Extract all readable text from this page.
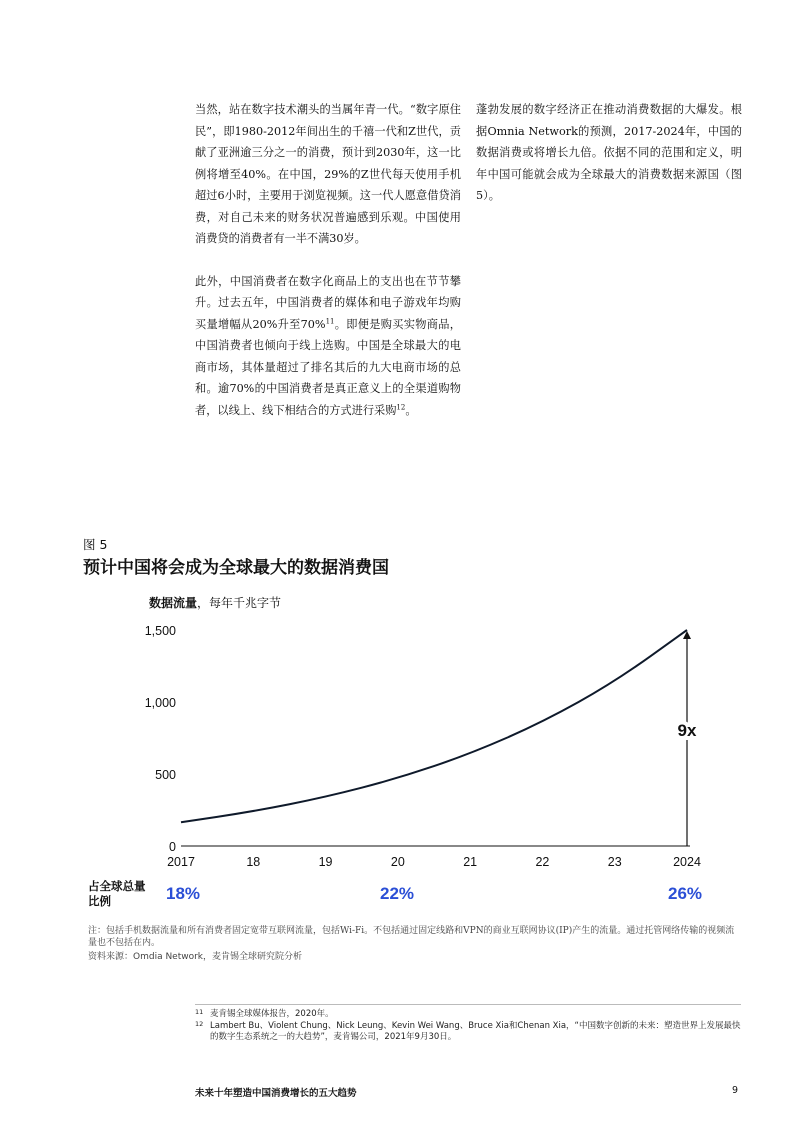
当然，站在数字技术潮头的当属年青一代。“数字原住民”，即1980-2012年间出生的千禧一代和Z世代，贡献了亚洲逾三分之一的消费，预计到2030年，这一比例将增至40%。在中国，29%的Z世代每天使用手机超过6小时，主要用于浏览视频。这一代人愿意借贷消费，对自己未来的财务状况普遍感到乐观。中国使用消费贷的消费者有一半不满30岁。

此外，中国消费者在数字化商品上的支出也在节节攀升。过去五年，中国消费者的媒体和电子游戏年均购买量增幅从20%升至70%$^{11}$。即便是购买实物商品，中国消费者也倾向于线上选购。中国是全球最大的电商市场，其体量超过了排名其后的九大电商市场的总和。逾70%的中国消费者是真正意义上的全渠道购物者，以线上、线下相结合的方式进行采购$^{12}$。

蓬勃发展的数字经济正在推动消费数据的大爆发。根据Omnia Network的预测，2017-2024年，中国的数据消费或将增长九倍。依据不同的范围和定义，明年中国可能就会成为全球最大的消费数据来源国（图5）。

图 5
预计中国将会成为全球最大的数据消费国
数据流量，每年千兆字节
0
500
1,000
1,500
2017	18	19	20	21	22	23	2024
9x
占全球总量比例	18%	22%	26%
注：包括手机数据流量和所有消费者固定宽带互联网流量，包括Wi-Fi。不包括通过固定线路和VPN的商业互联网协议(IP)产生的流量。通过托管网络传输的视频流量也不包括在内。
资料来源：Omdia Network，麦肯锡全球研究院分析
11 麦肯锡全球媒体报告，2020年。
12 Lambert Bu、Violent Chung、Nick Leung、Kevin Wei Wang、Bruce Xia和Chenan Xia，“中国数字创新的未来：塑造世界上发展最快的数字生态系统之一的大趋势”，麦肯锡公司，2021年9月30日。
未来十年塑造中国消费增长的五大趋势	9
